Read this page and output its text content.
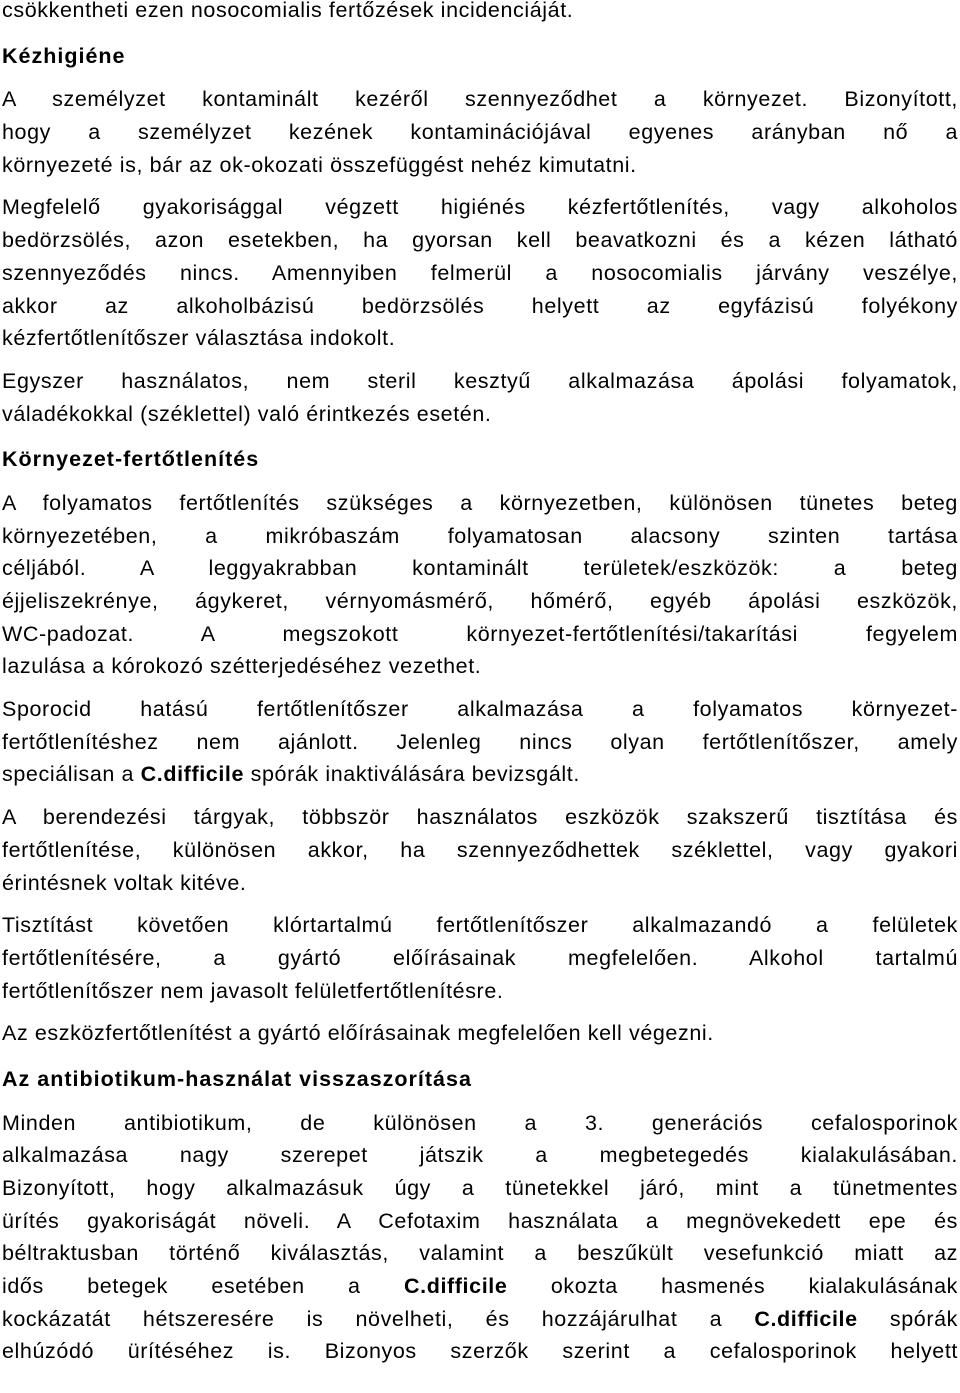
csökkentheti ezen nosocomialis fertőzések incidenciáját.
Kézhigiéne
A személyzet kontaminált kezéről szennyeződhet a környezet. Bizonyított,
hogy a személyzet kezének kontaminációjával egyenes arányban nő a
környezeté is, bár az ok-okozati összefüggést nehéz kimutatni.
Megfelelő gyakorisággal végzett higiénés kézfertőtlenítés, vagy alkoholos
bedörzsölés, azon esetekben, ha gyorsan kell beavatkozni és a kézen látható
szennyeződés nincs. Amennyiben felmerül a nosocomialis járvány veszélye,
akkor az alkoholbázisú bedörzsölés helyett az egyfázisú folyékony
kézfertőtlenítőszer választása indokolt.
Egyszer használatos, nem steril kesztyű alkalmazása ápolási folyamatok,
váladékokkal (széklettel) való érintkezés esetén.
Környezet-fertőtlenítés
A folyamatos fertőtlenítés szükséges a környezetben, különösen tünetes beteg
környezetében, a mikróbaszám folyamatosan alacsony szinten tartása
céljából. A leggyakrabban kontaminált területek/eszközök: a beteg
éjjeliszekrénye, ágykeret, vérnyomásmérő, hőmérő, egyéb ápolási eszközök,
WC-padozat. A megszokott környezet-fertőtlenítési/takarítási fegyelem
lazulása a kórokozó szétterjedéséhez vezethet.
Sporocid hatású fertőtlenítőszer alkalmazása a folyamatos környezet-
fertőtlenítéshez nem ajánlott. Jelenleg nincs olyan fertőtlenítőszer, amely
speciálisan a C.difficile spórák inaktiválására bevizsgált.
A berendezési tárgyak, többször használatos eszközök szakszerű tisztítása és
fertőtlenítése, különösen akkor, ha szennyeződhettek széklettel, vagy gyakori
érintésnek voltak kitéve.
Tisztítást követően klórtartalmú fertőtlenítőszer alkalmazandó a felületek
fertőtlenítésére, a gyártó előírásainak megfelelően. Alkohol tartalmú
fertőtlenítőszer nem javasolt felületfertőtlenítésre.
Az eszközfertőtlenítést a gyártó előírásainak megfelelően kell végezni.
Az antibiotikum-használat visszaszorítása
Minden antibiotikum, de különösen a 3. generációs cefalosporinok
alkalmazása nagy szerepet játszik a megbetegedés kialakulásában.
Bizonyított, hogy alkalmazásuk úgy a tünetekkel járó, mint a tünetmentes
ürítés gyakoriságát növeli. A Cefotaxim használata a megnövekedett epe és
béltraktusban történő kiválasztás, valamint a beszűkült vesefunkció miatt az
idős betegek esetében a C.difficile okozta hasmenés kialakulásának
kockázatát hétszeresére is növelheti, és hozzájárulhat a C.difficile spórák
elhúzódó ürítéséhez is. Bizonyos szerzők szerint a cefalosporinok helyett
